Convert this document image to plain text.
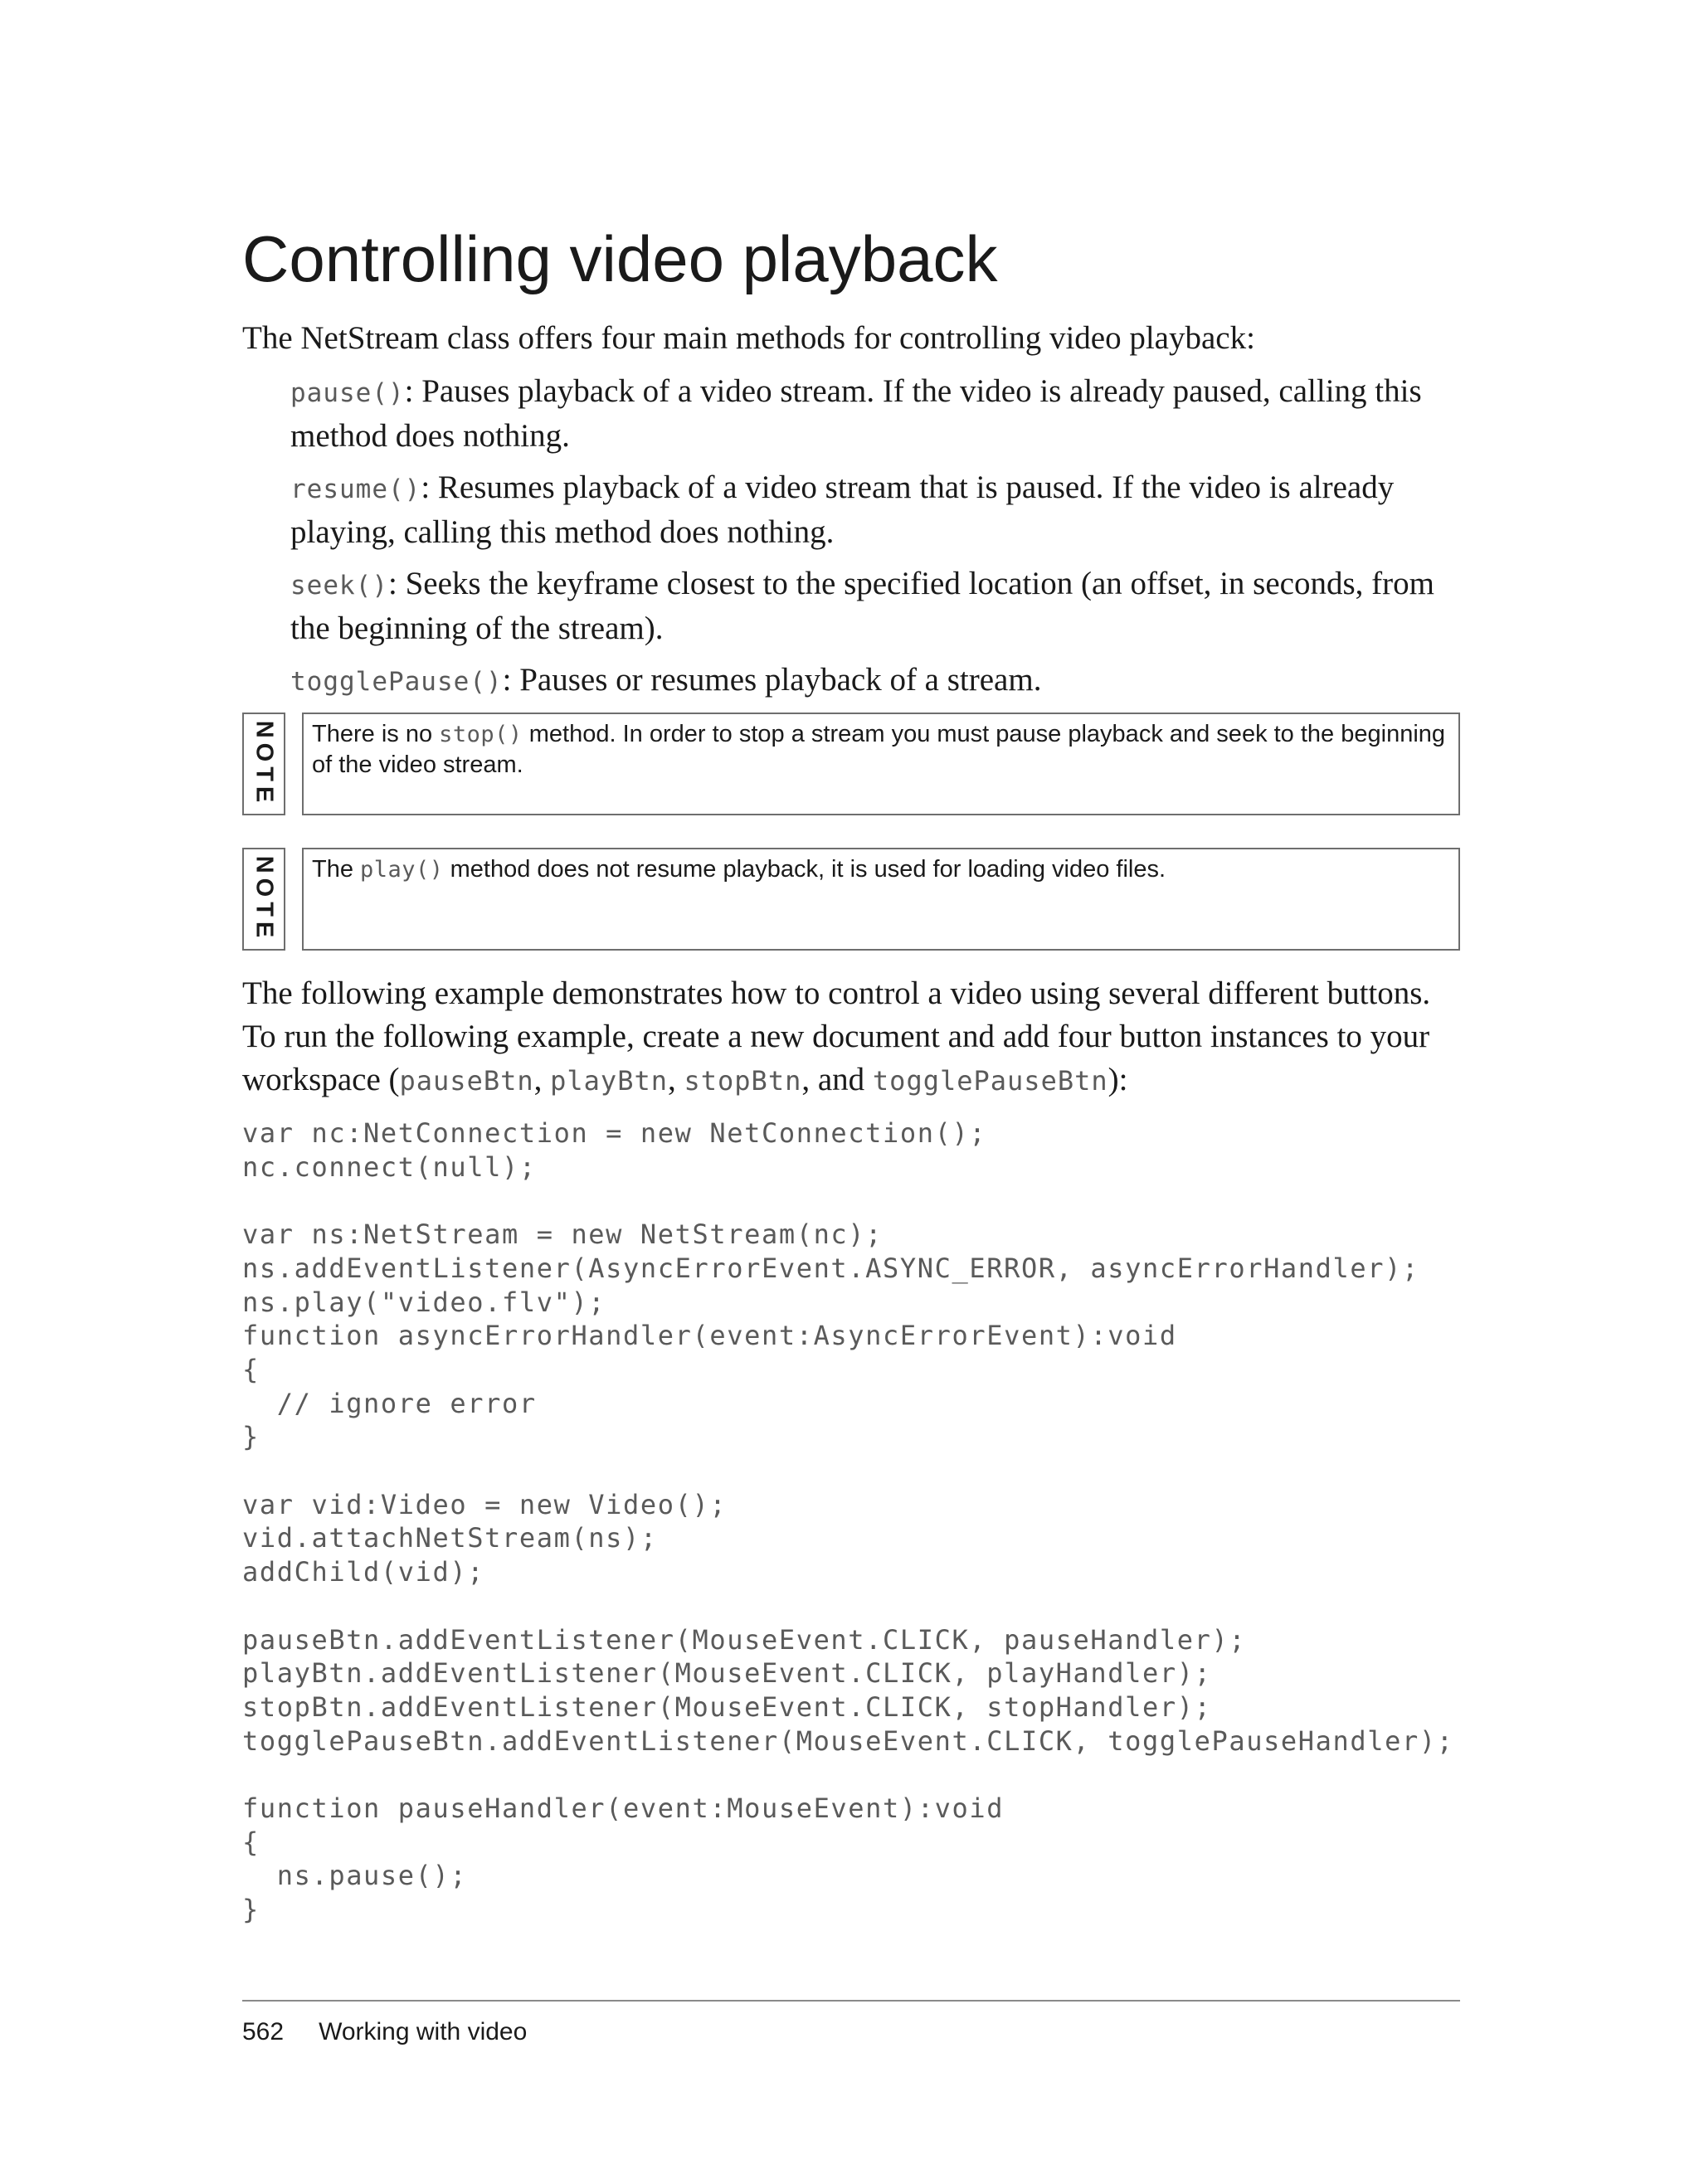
Controlling video playback

The NetStream class offers four main methods for controlling video playback:

pause(): Pauses playback of a video stream. If the video is already paused, calling this method does nothing.
resume(): Resumes playback of a video stream that is paused. If the video is already playing, calling this method does nothing.
seek(): Seeks the keyframe closest to the specified location (an offset, in seconds, from the beginning of the stream).
togglePause(): Pauses or resumes playback of a stream.
NOTE	There is no stop() method. In order to stop a stream you must pause playback and seek to the beginning of the video stream.
NOTE	The play() method does not resume playback, it is used for loading video files.

The following example demonstrates how to control a video using several different buttons. To run the following example, create a new document and add four button instances to your workspace (pauseBtn, playBtn, stopBtn, and togglePauseBtn):

var nc:NetConnection = new NetConnection();
nc.connect(null);

var ns:NetStream = new NetStream(nc);
ns.addEventListener(AsyncErrorEvent.ASYNC_ERROR, asyncErrorHandler);
ns.play("video.flv");
function asyncErrorHandler(event:AsyncErrorEvent):void
{
// ignore error
}

var vid:Video = new Video();
vid.attachNetStream(ns);
addChild(vid);

pauseBtn.addEventListener(MouseEvent.CLICK, pauseHandler);
playBtn.addEventListener(MouseEvent.CLICK, playHandler);
stopBtn.addEventListener(MouseEvent.CLICK, stopHandler);
togglePauseBtn.addEventListener(MouseEvent.CLICK, togglePauseHandler);

function pauseHandler(event:MouseEvent):void
{
ns.pause();
}
562 Working with video
